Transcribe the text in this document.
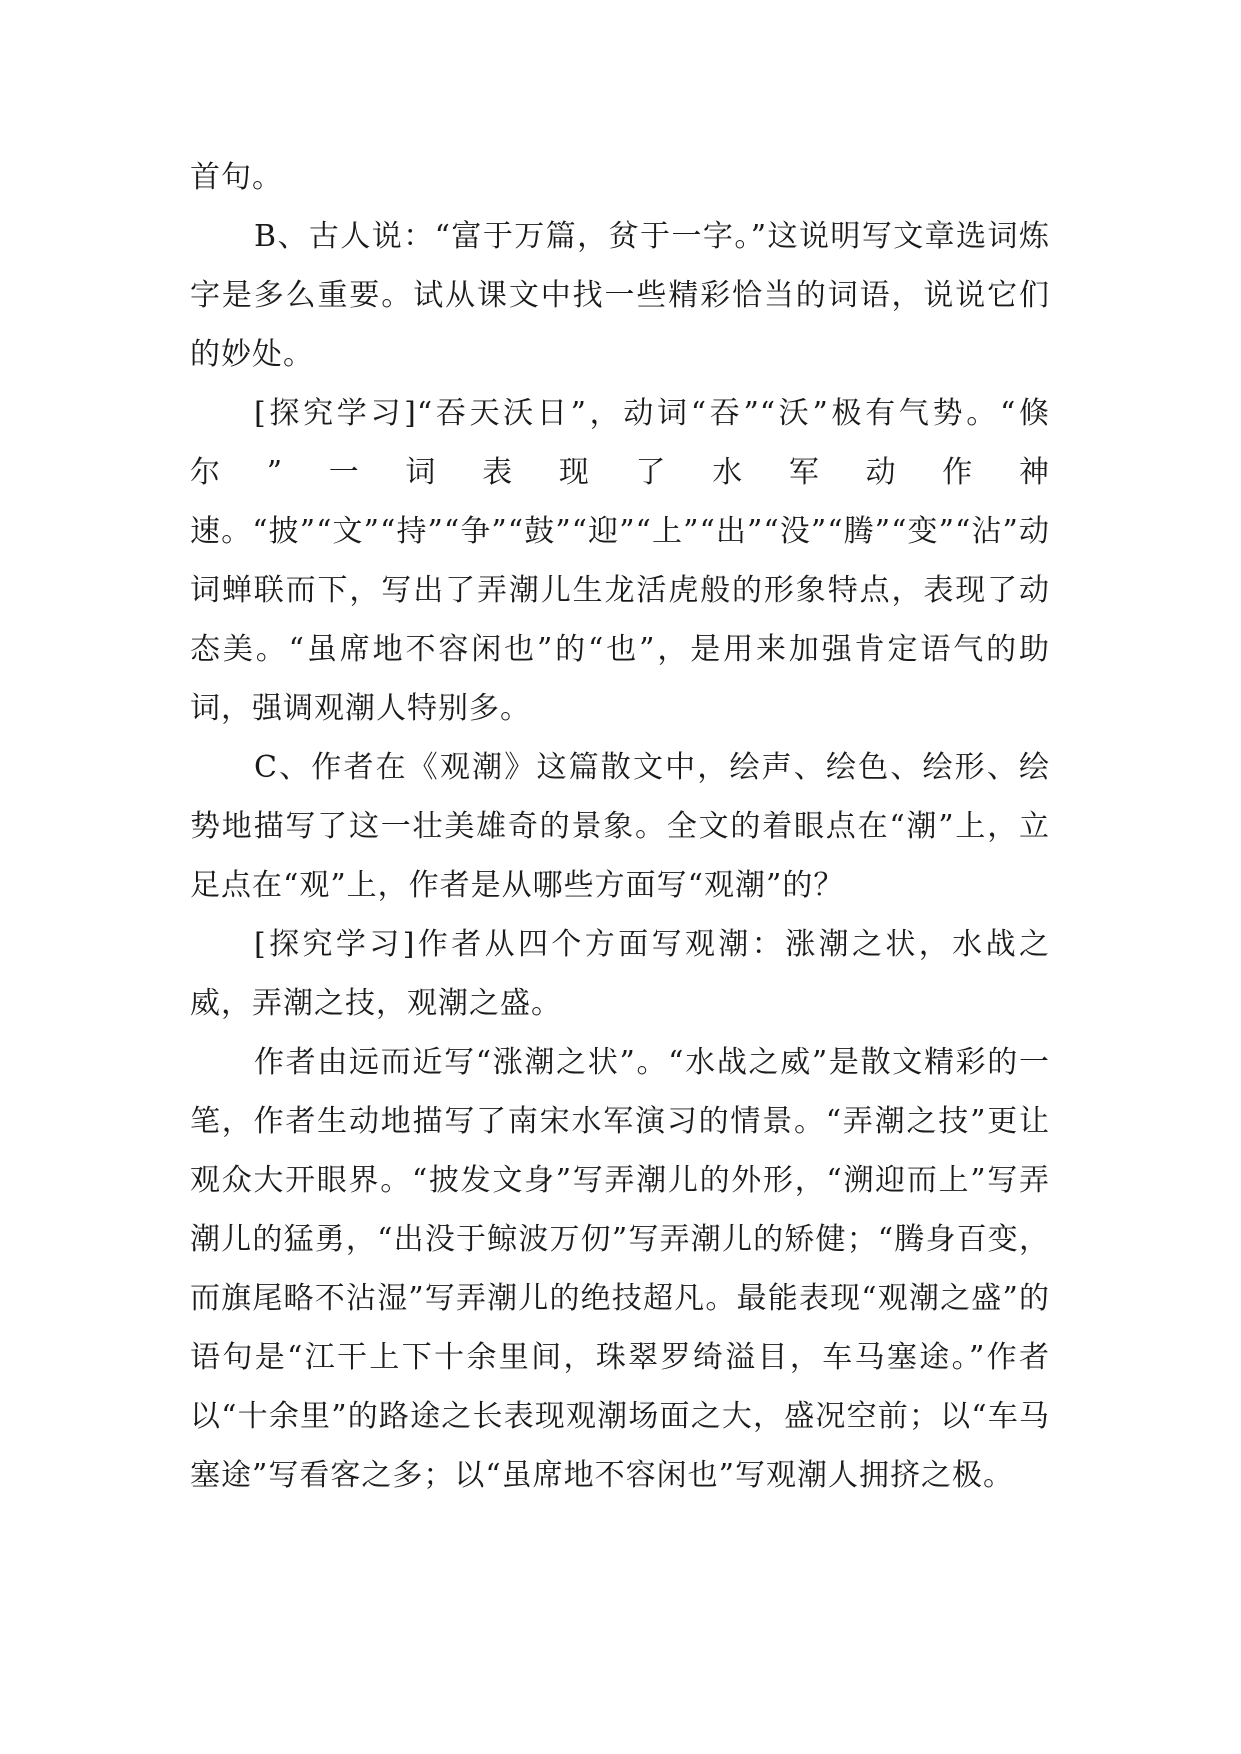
首句。

B、古人说：“富于万篇，贫于一字。”这说明写文章选词炼字是多么重要。试从课文中找一些精彩恰当的词语，说说它们的妙处。

[探究学习]“吞天沃日”，动词“吞”“沃”极有气势。“倏尔”一词表现了水军动作神速。“披”“文”“持”“争”“鼓”“迎”“上”“出”“没”“腾”“变”“沾”动词蝉联而下，写出了弄潮儿生龙活虎般的形象特点，表现了动态美。“虽席地不容闲也”的“也”，是用来加强肯定语气的助词，强调观潮人特别多。

C、作者在《观潮》这篇散文中，绘声、绘色、绘形、绘势地描写了这一壮美雄奇的景象。全文的着眼点在“潮”上，立足点在“观”上，作者是从哪些方面写“观潮”的？

[探究学习]作者从四个方面写观潮：涨潮之状，水战之威，弄潮之技，观潮之盛。

作者由远而近写“涨潮之状”。“水战之威”是散文精彩的一笔，作者生动地描写了南宋水军演习的情景。“弄潮之技”更让观众大开眼界。“披发文身”写弄潮儿的外形，“溯迎而上”写弄潮儿的猛勇，“出没于鲸波万仞”写弄潮儿的矫健；“腾身百变，而旗尾略不沾湿”写弄潮儿的绝技超凡。最能表现“观潮之盛”的语句是“江干上下十余里间，珠翠罗绮溢目，车马塞途。”作者以“十余里”的路途之长表现观潮场面之大，盛况空前；以“车马塞途”写看客之多；以“虽席地不容闲也”写观潮人拥挤之极。
